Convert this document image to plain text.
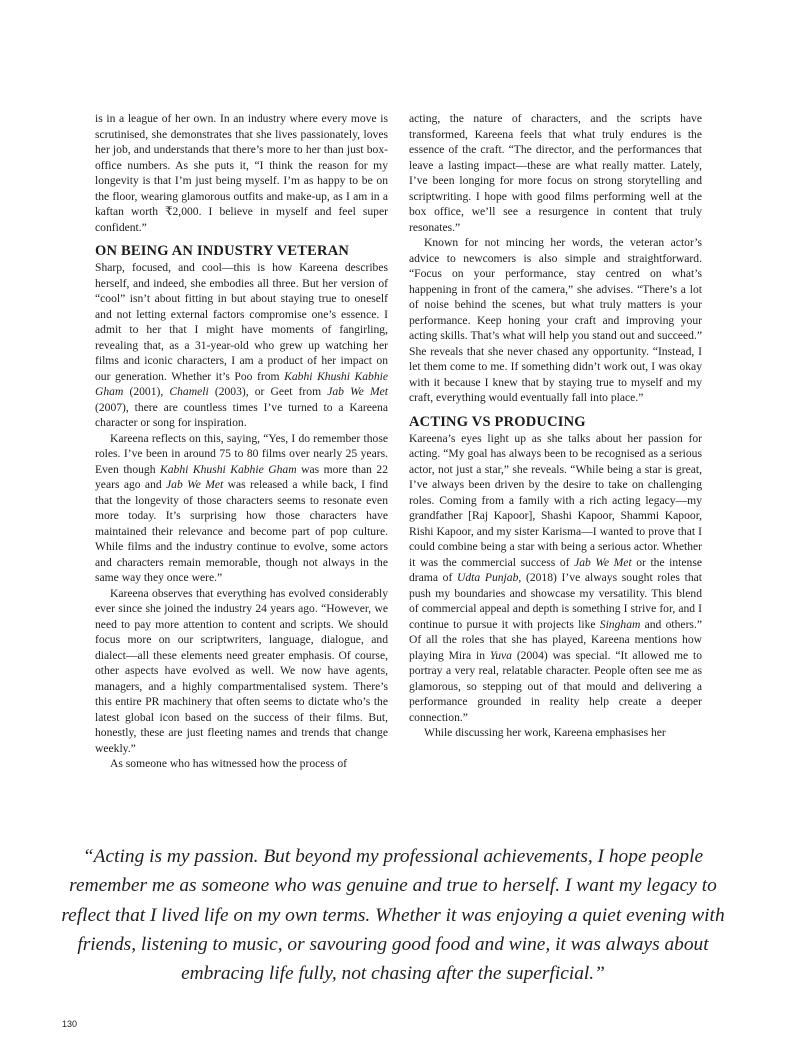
is in a league of her own. In an industry where every move is scrutinised, she demonstrates that she lives passionately, loves her job, and understands that there’s more to her than just box-office numbers. As she puts it, “I think the reason for my longevity is that I’m just being myself. I’m as happy to be on the floor, wearing glamorous outfits and make-up, as I am in a kaftan worth ₹2,000. I believe in myself and feel super confident.”

ON BEING AN INDUSTRY VETERAN

Sharp, focused, and cool—this is how Kareena describes herself, and indeed, she embodies all three. But her version of “cool” isn’t about fitting in but about staying true to oneself and not letting external factors compromise one’s essence. I admit to her that I might have moments of fangirling, revealing that, as a 31-year-old who grew up watching her films and iconic characters, I am a product of her impact on our generation. Whether it’s Poo from Kabhi Khushi Kabhie Gham (2001), Chameli (2003), or Geet from Jab We Met (2007), there are countless times I’ve turned to a Kareena character or song for inspiration.

Kareena reflects on this, saying, “Yes, I do remember those roles. I’ve been in around 75 to 80 films over nearly 25 years. Even though Kabhi Khushi Kabhie Gham was more than 22 years ago and Jab We Met was released a while back, I find that the longevity of those characters seems to resonate even more today. It’s surprising how those characters have maintained their relevance and become part of pop culture. While films and the industry continue to evolve, some actors and characters remain memorable, though not always in the same way they once were.”

Kareena observes that everything has evolved considerably ever since she joined the industry 24 years ago. “However, we need to pay more attention to content and scripts. We should focus more on our scriptwriters, language, dialogue, and dialect—all these elements need greater emphasis. Of course, other aspects have evolved as well. We now have agents, managers, and a highly compartmentalised system. There’s this entire PR machinery that often seems to dictate who’s the latest global icon based on the success of their films. But, honestly, these are just fleeting names and trends that change weekly.”

As someone who has witnessed how the process of

acting, the nature of characters, and the scripts have transformed, Kareena feels that what truly endures is the essence of the craft. “The director, and the performances that leave a lasting impact—these are what really matter. Lately, I’ve been longing for more focus on strong storytelling and scriptwriting. I hope with good films performing well at the box office, we’ll see a resurgence in content that truly resonates.”

Known for not mincing her words, the veteran actor’s advice to newcomers is also simple and straightforward. “Focus on your performance, stay centred on what’s happening in front of the camera,” she advises. “There’s a lot of noise behind the scenes, but what truly matters is your performance. Keep honing your craft and improving your acting skills. That’s what will help you stand out and succeed.” She reveals that she never chased any opportunity. “Instead, I let them come to me. If something didn’t work out, I was okay with it because I knew that by staying true to myself and my craft, everything would eventually fall into place.”

ACTING VS PRODUCING

Kareena’s eyes light up as she talks about her passion for acting. “My goal has always been to be recognised as a serious actor, not just a star,” she reveals. “While being a star is great, I’ve always been driven by the desire to take on challenging roles. Coming from a family with a rich acting legacy—my grandfather [Raj Kapoor], Shashi Kapoor, Shammi Kapoor, Rishi Kapoor, and my sister Karisma—I wanted to prove that I could combine being a star with being a serious actor. Whether it was the commercial success of Jab We Met or the intense drama of Udta Punjab, (2018) I’ve always sought roles that push my boundaries and showcase my versatility. This blend of commercial appeal and depth is something I strive for, and I continue to pursue it with projects like Singham and others.” Of all the roles that she has played, Kareena mentions how playing Mira in Yuva (2004) was special. “It allowed me to portray a very real, relatable character. People often see me as glamorous, so stepping out of that mould and delivering a performance grounded in reality help create a deeper connection.”

While discussing her work, Kareena emphasises her

“Acting is my passion. But beyond my professional achievements, I hope people remember me as someone who was genuine and true to herself. I want my legacy to reflect that I lived life on my own terms. Whether it was enjoying a quiet evening with friends, listening to music, or savouring good food and wine, it was always about embracing life fully, not chasing after the superficial.”
130
